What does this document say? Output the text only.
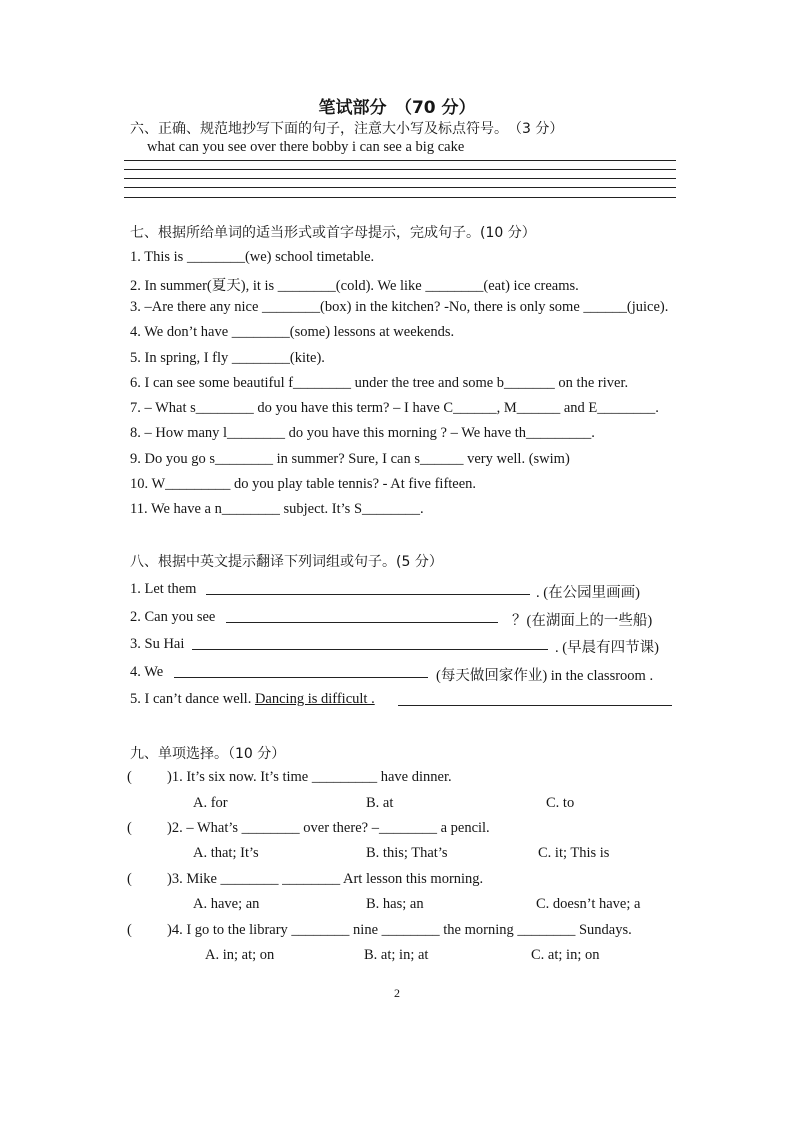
笔试部分　（70 分）
六、正确、规范地抄写下面的句子，注意大小写及标点符号。　（3 分）
what can you see over there bobby i can see a big cake
七、根据所给单词的适当形式或首字母提示，完成句子。(10 分）
1. This is ________(we) school timetable.
2. In summer(夏天), it is ________(cold). We like ________(eat) ice creams.
3. –Are there any nice ________(box) in the kitchen? -No, there is only some ______(juice).
4. We don’t have ________(some) lessons at weekends.
5. In spring, I fly ________(kite).
6. I can see some beautiful f________ under the tree and some b_______ on the river.
7. – What s________ do you have this term? – I have C______, M______ and E________.
8. – How many l________ do you have this morning ? – We have th_________.
9. Do you go s________ in summer? Sure, I can s______ very well. (swim)
10. W_________ do you play table tennis? - At five fifteen.
11. We have a n________ subject. It’s S________.
八、根据中英文提示翻译下列词组或句子。(5 分）
1. Let them	. (在公园里画画)
2. Can you see	？(在湖面上的一些船)
3. Su Hai	. (早晨有四节课)
4. We	(每天做回家作业) in the classroom .
5. I can’t dance well. Dancing is difficult .
九、单项选择。（10 分）
( )1. It’s six now. It’s time _________ have dinner.
A. for	B. at	C. to
( )2. – What’s ________ over there? –________ a pencil.
A. that; It’s	B. this; That’s	C. it; This is
( )3. Mike ________ ________ Art lesson this morning.
A. have; an	B. has; an	C. doesn’t have; a
( )4. I go to the library ________ nine ________ the morning ________ Sundays.
A. in; at; on	B. at; in; at	C. at; in; on
2
